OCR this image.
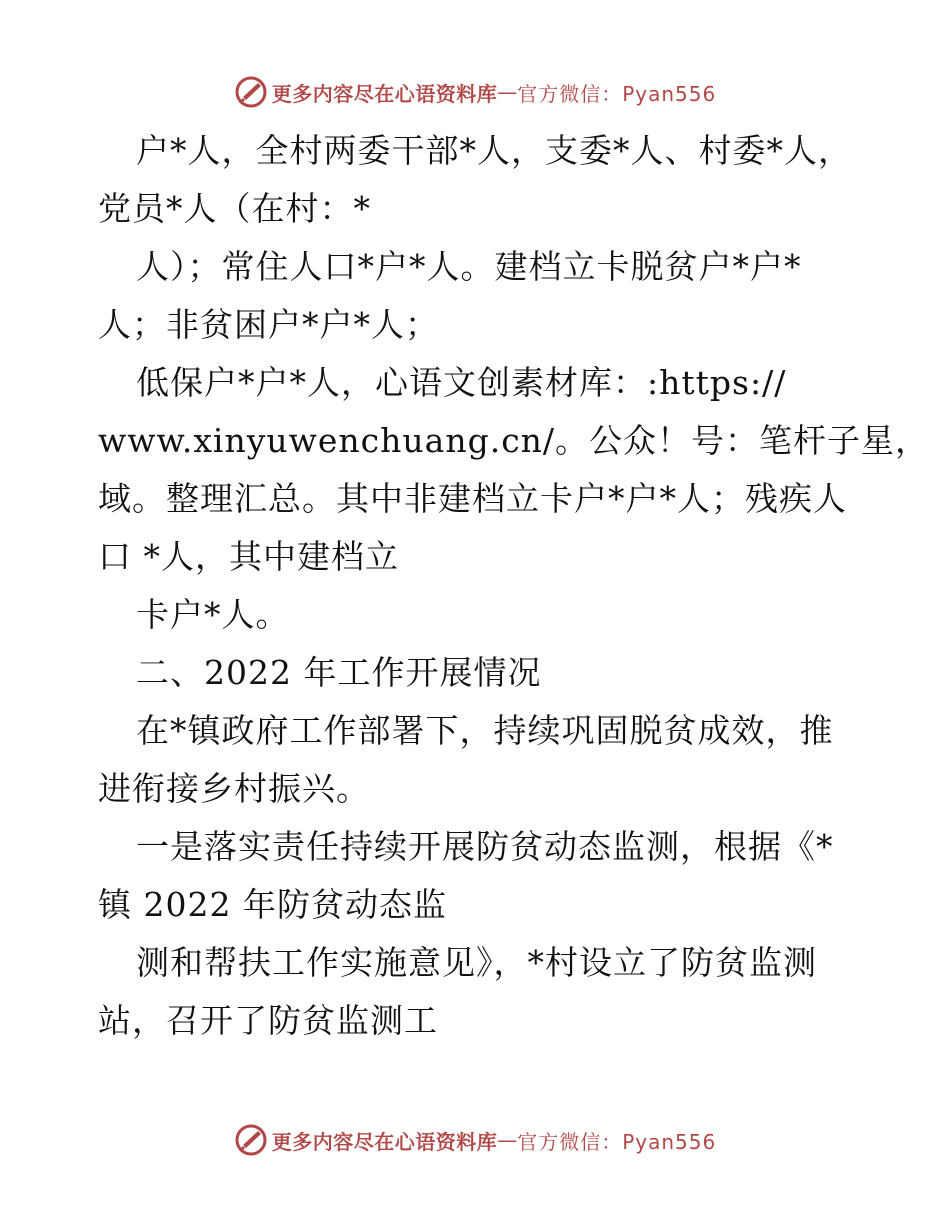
更多内容尽在心语资料库 — 官方微信：Pyan556
户*人，全村两委干部*人，支委*人、村委*人，
党员*人（在村：*
人）；常住人口*户*人。建档立卡脱贫户*户*
人；非贫困户*户*人；
低保户*户*人，心语文创素材库：:https://
www.xinyuwenchuang.cn/。公众！号：笔杆子星，
域。整理汇总。其中非建档立卡户*户*人；残疾人
口 *人，其中建档立
卡户*人。
二、2022 年工作开展情况
在*镇政府工作部署下，持续巩固脱贫成效，推
进衔接乡村振兴。
一是落实责任持续开展防贫动态监测，根据《*
镇 2022 年防贫动态监
测和帮扶工作实施意见》，*村设立了防贫监测
站，召开了防贫监测工
更多内容尽在心语资料库 — 官方微信：Pyan556
